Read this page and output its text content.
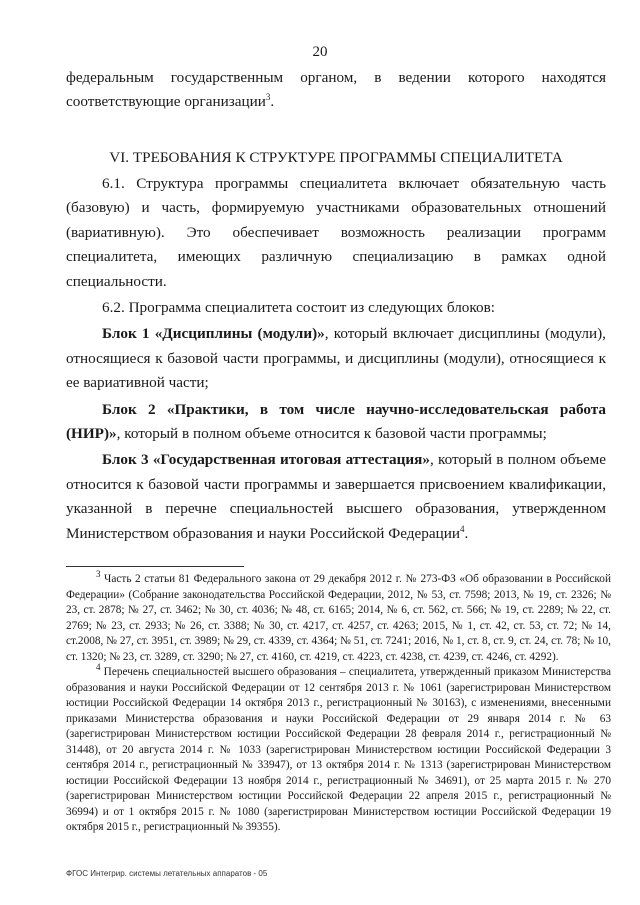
20

федеральным государственным органом, в ведении которого находятся

соответствующие организации$^3$.

VI. ТРЕБОВАНИЯ К СТРУКТУРЕ ПРОГРАММЫ СПЕЦИАЛИТЕТА

6.1. Структура программы специалитета включает обязательную часть (базовую) и часть, формируемую участниками образовательных отношений (вариативную). Это обеспечивает возможность реализации программ специалитета, имеющих различную специализацию в рамках одной специальности.

6.2. Программа специалитета состоит из следующих блоков:

Блок 1 «Дисциплины (модули)», который включает дисциплины (модули), относящиеся к базовой части программы, и дисциплины (модули), относящиеся к ее вариативной части;

Блок 2 «Практики, в том числе научно-исследовательская работа (НИР)», который в полном объеме относится к базовой части программы;

Блок 3 «Государственная итоговая аттестация», который в полном объеме относится к базовой части программы и завершается присвоением квалификации, указанной в перечне специальностей высшего образования, утвержденном Министерством образования и науки Российской Федерации$^4$.

$^3$ Часть 2 статьи 81 Федерального закона от 29 декабря 2012 г. № 273-ФЗ «Об образовании в Российской Федерации» (Собрание законодательства Российской Федерации, 2012, № 53, ст. 7598; 2013, № 19, ст. 2326; № 23, ст. 2878; № 27, ст. 3462; № 30, ст. 4036; № 48, ст. 6165; 2014, № 6, ст. 562, ст. 566; № 19, ст. 2289; № 22, ст. 2769; № 23, ст. 2933; № 26, ст. 3388; № 30, ст. 4217, ст. 4257, ст. 4263; 2015, № 1, ст. 42, ст. 53, ст. 72; № 14, ст.2008, № 27, ст. 3951, ст. 3989; № 29, ст. 4339, ст. 4364; № 51, ст. 7241; 2016, № 1, ст. 8, ст. 9, ст. 24, ст. 78; № 10, ст. 1320; № 23, ст. 3289, ст. 3290; № 27, ст. 4160, ст. 4219, ст. 4223, ст. 4238, ст. 4239, ст. 4246, ст. 4292).

$^4$ Перечень специальностей высшего образования – специалитета, утвержденный приказом Министерства образования и науки Российской Федерации от 12 сентября 2013 г. № 1061 (зарегистрирован Министерством юстиции Российской Федерации 14 октября 2013 г., регистрационный № 30163), с изменениями, внесенными приказами Министерства образования и науки Российской Федерации от 29 января 2014 г. № 63 (зарегистрирован Министерством юстиции Российской Федерации 28 февраля 2014 г., регистрационный № 31448), от 20 августа 2014 г. № 1033 (зарегистрирован Министерством юстиции Российской Федерации 3 сентября 2014 г., регистрационный № 33947), от 13 октября 2014 г. № 1313 (зарегистрирован Министерством юстиции Российской Федерации 13 ноября 2014 г., регистрационный № 34691), от 25 марта 2015 г. № 270 (зарегистрирован Министерством юстиции Российской Федерации 22 апреля 2015 г., регистрационный № 36994) и от 1 октября 2015 г. № 1080 (зарегистрирован Министерством юстиции Российской Федерации 19 октября 2015 г., регистрационный № 39355).

ФГОС Интегрир. системы летательных аппаратов - 05
